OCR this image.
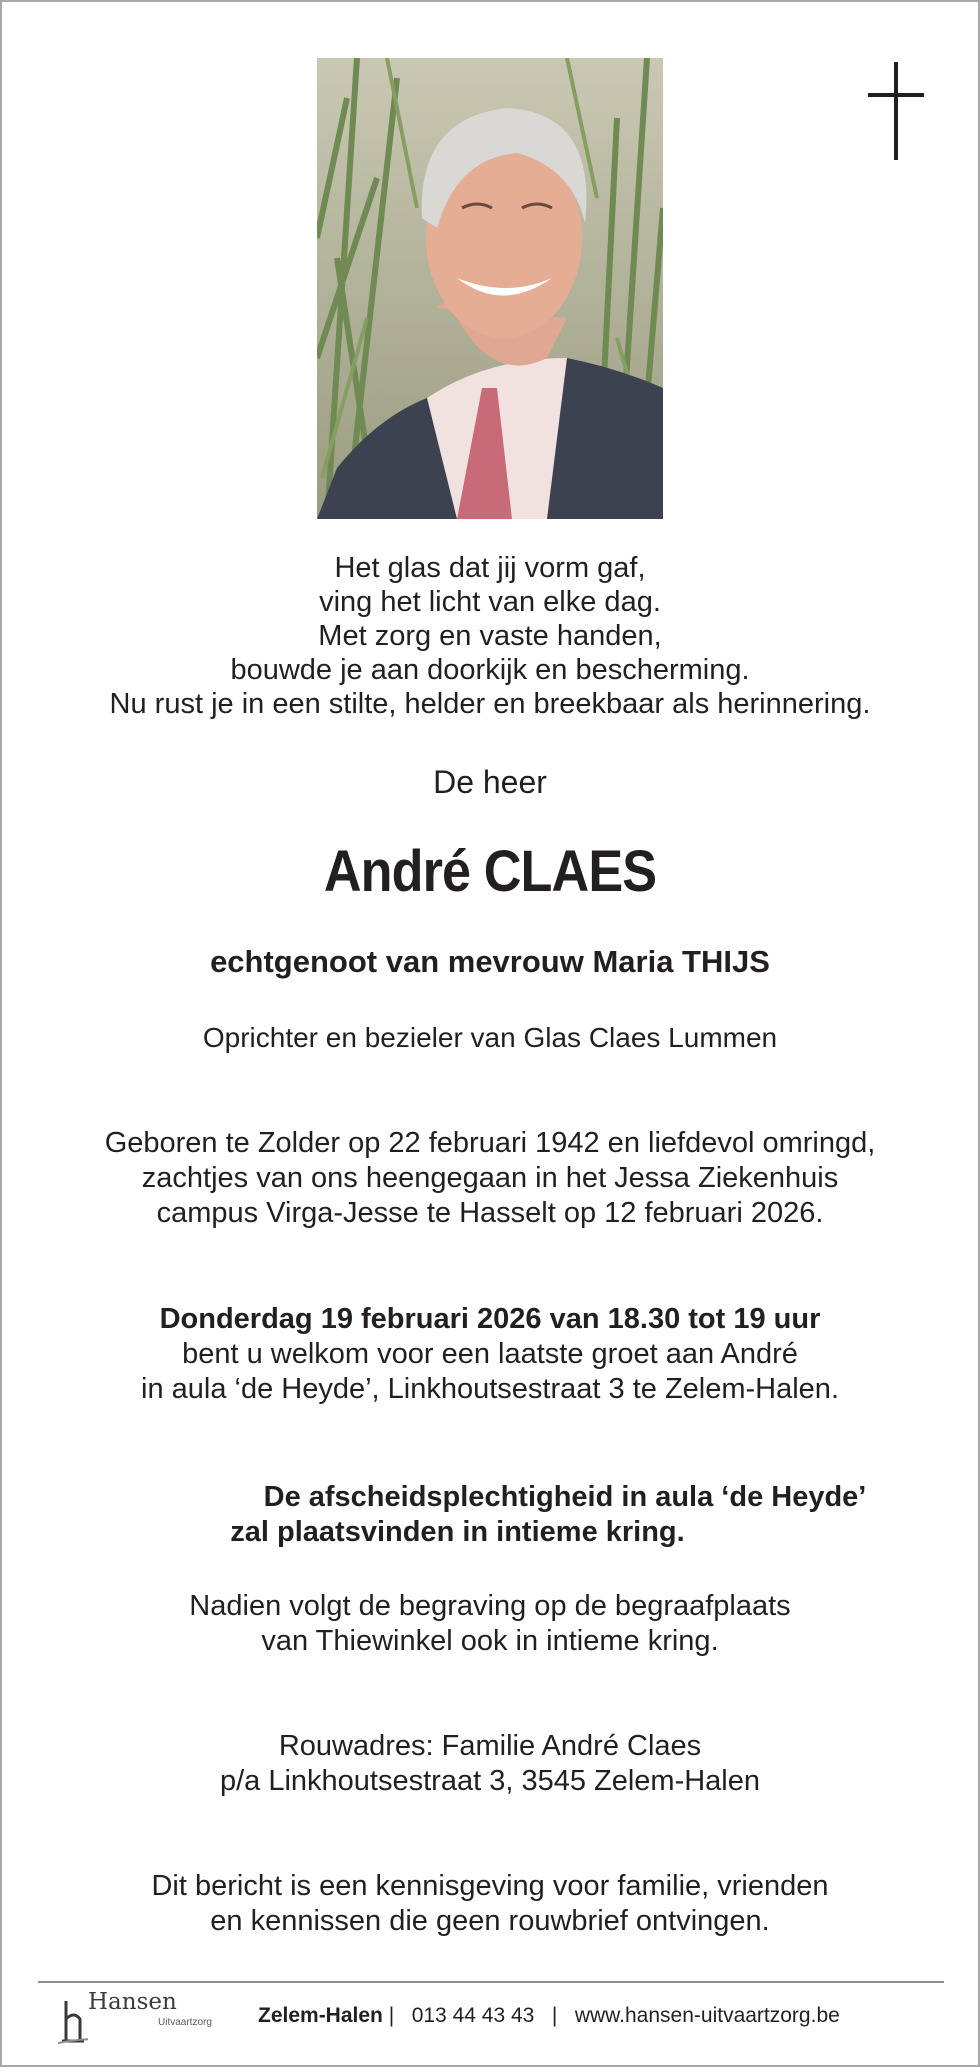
Het glas dat jij vorm gaf,
ving het licht van elke dag.
Met zorg en vaste handen,
bouwde je aan doorkijk en bescherming.
Nu rust je in een stilte, helder en breekbaar als herinnering.
De heer
André CLAES
echtgenoot van mevrouw Maria THIJS
Oprichter en bezieler van Glas Claes Lummen
Geboren te Zolder op 22 februari 1942 en liefdevol omringd,
zachtjes van ons heengegaan in het Jessa Ziekenhuis
campus Virga-Jesse te Hasselt op 12 februari 2026.
Donderdag 19 februari 2026 van 18.30 tot 19 uur
bent u welkom voor een laatste groet aan André
in aula ‘de Heyde’, Linkhoutsestraat 3 te Zelem-Halen.
De afscheidsplechtigheid in aula ‘de Heyde’
zal plaatsvinden in intieme kring.
Nadien volgt de begraving op de begraafplaats
van Thiewinkel ook in intieme kring.
Rouwadres: Familie André Claes
p/a Linkhoutsestraat 3, 3545 Zelem-Halen
Dit bericht is een kennisgeving voor familie, vrienden
en kennissen die geen rouwbrief ontvingen.
Hansen
Uitvaartzorg Zelem-Halen | 013 44 43 43 | www.hansen-uitvaartzorg.be
